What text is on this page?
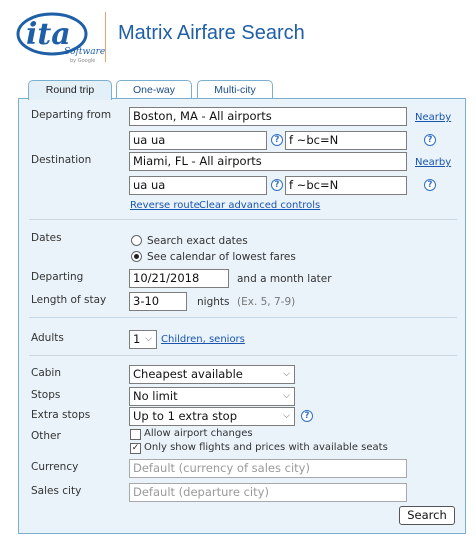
ita
Software
by Google
Matrix Airfare Search
Round trip	One-way	Multi-city
Departing from	Boston, MA - All airports	Nearby
ua ua	? f ~bc=N	?
Destination	Miami, FL - All airports	Nearby
ua ua	? f ~bc=N	?
Reverse route Clear advanced controls
Dates	Search exact dates
See calendar of lowest fares
Departing	10/21/2018	and a month later
Length of stay	3-10	nights (Ex. 5, 7-9)
Adults	1 ⌵ Children, seniors
Cabin	Cheapest available	⌵
Stops	No limit	⌵
Extra stops	Up to 1 extra stop	⌵	?
Other	Allow airport changes
✓ Only show flights and prices with available seats
Currency	Default (currency of sales city)
Sales city	Default (departure city)
Search
